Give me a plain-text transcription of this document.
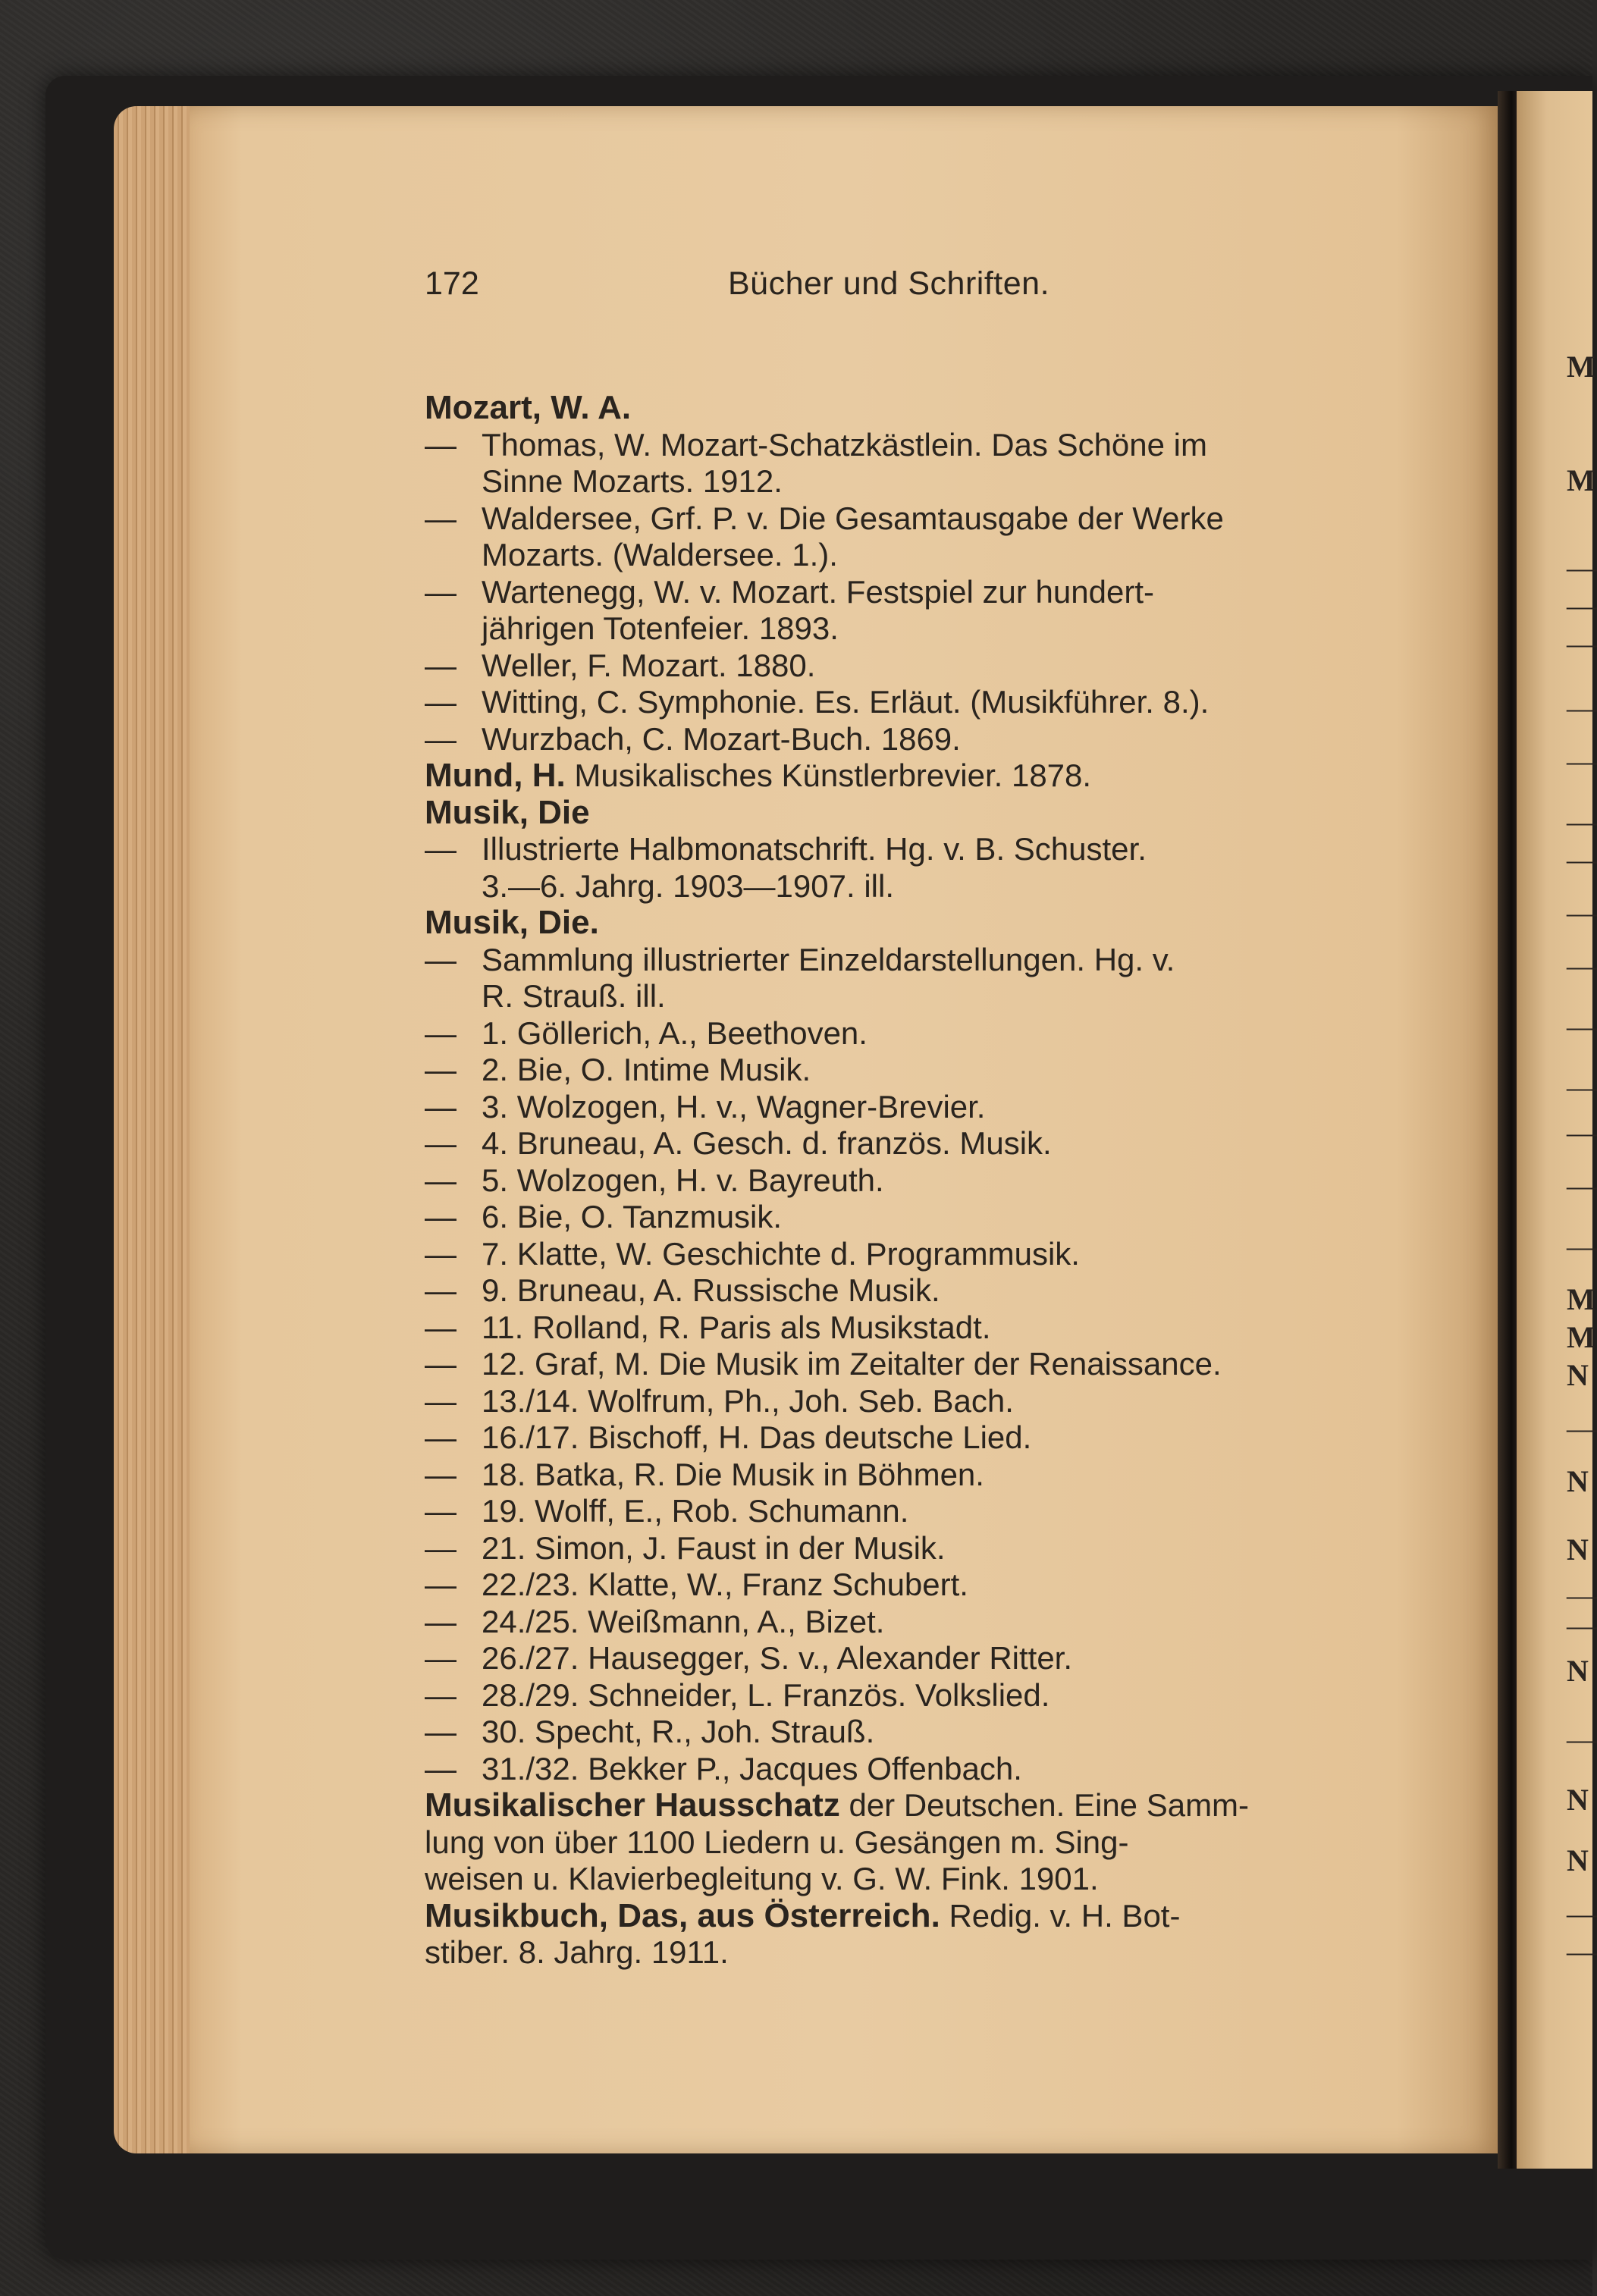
M
M
—
—
—
—
—
—
—
—
—
—
—
—
—
—
M
M
N
—
N
N
—
—
N
—
N
N
—
—
172	Bücher und Schriften.
Mozart, W. A.
— Thomas, W. Mozart-Schatzkästlein. Das Schöne im
Sinne Mozarts. 1912.
— Waldersee, Grf. P. v. Die Gesamtausgabe der Werke
Mozarts. (Waldersee. 1.).
— Wartenegg, W. v. Mozart. Festspiel zur hundert-
jährigen Totenfeier. 1893.
— Weller, F. Mozart. 1880.
— Witting, C. Symphonie. Es. Erläut. (Musikführer. 8.).
— Wurzbach, C. Mozart-Buch. 1869.
Mund, H. Musikalisches Künstlerbrevier. 1878.
Musik, Die
— Illustrierte Halbmonatschrift. Hg. v. B. Schuster.
3.—6. Jahrg. 1903—1907. ill.
Musik, Die.
— Sammlung illustrierter Einzeldarstellungen. Hg. v.
R. Strauß. ill.
— 1. Göllerich, A., Beethoven.
— 2. Bie, O. Intime Musik.
— 3. Wolzogen, H. v., Wagner-Brevier.
— 4. Bruneau, A. Gesch. d. französ. Musik.
— 5. Wolzogen, H. v. Bayreuth.
— 6. Bie, O. Tanzmusik.
— 7. Klatte, W. Geschichte d. Programmusik.
— 9. Bruneau, A. Russische Musik.
— 11. Rolland, R. Paris als Musikstadt.
— 12. Graf, M. Die Musik im Zeitalter der Renaissance.
— 13./14. Wolfrum, Ph., Joh. Seb. Bach.
— 16./17. Bischoff, H. Das deutsche Lied.
— 18. Batka, R. Die Musik in Böhmen.
— 19. Wolff, E., Rob. Schumann.
— 21. Simon, J. Faust in der Musik.
— 22./23. Klatte, W., Franz Schubert.
— 24./25. Weißmann, A., Bizet.
— 26./27. Hausegger, S. v., Alexander Ritter.
— 28./29. Schneider, L. Französ. Volkslied.
— 30. Specht, R., Joh. Strauß.
— 31./32. Bekker P., Jacques Offenbach.
Musikalischer Hausschatz der Deutschen. Eine Samm-
lung von über 1100 Liedern u. Gesängen m. Sing-
weisen u. Klavierbegleitung v. G. W. Fink. 1901.
Musikbuch, Das, aus Österreich. Redig. v. H. Bot-
stiber. 8. Jahrg. 1911.
